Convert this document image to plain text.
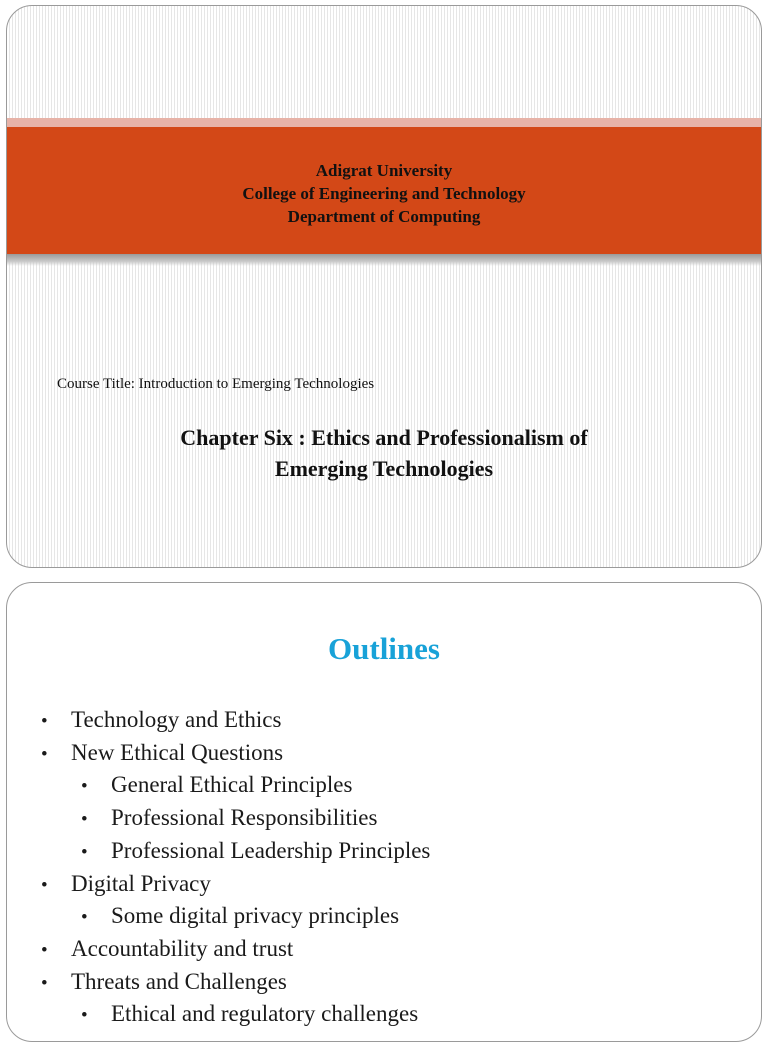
Adigrat University
College of Engineering and Technology
Department of Computing
Course Title: Introduction to Emerging Technologies
Chapter Six : Ethics and Professionalism of
Emerging Technologies
Outlines
• Technology and Ethics
• New Ethical Questions
• General Ethical Principles
• Professional Responsibilities
• Professional Leadership Principles
• Digital Privacy
• Some digital privacy principles
• Accountability and trust
• Threats and Challenges
• Ethical and regulatory challenges
